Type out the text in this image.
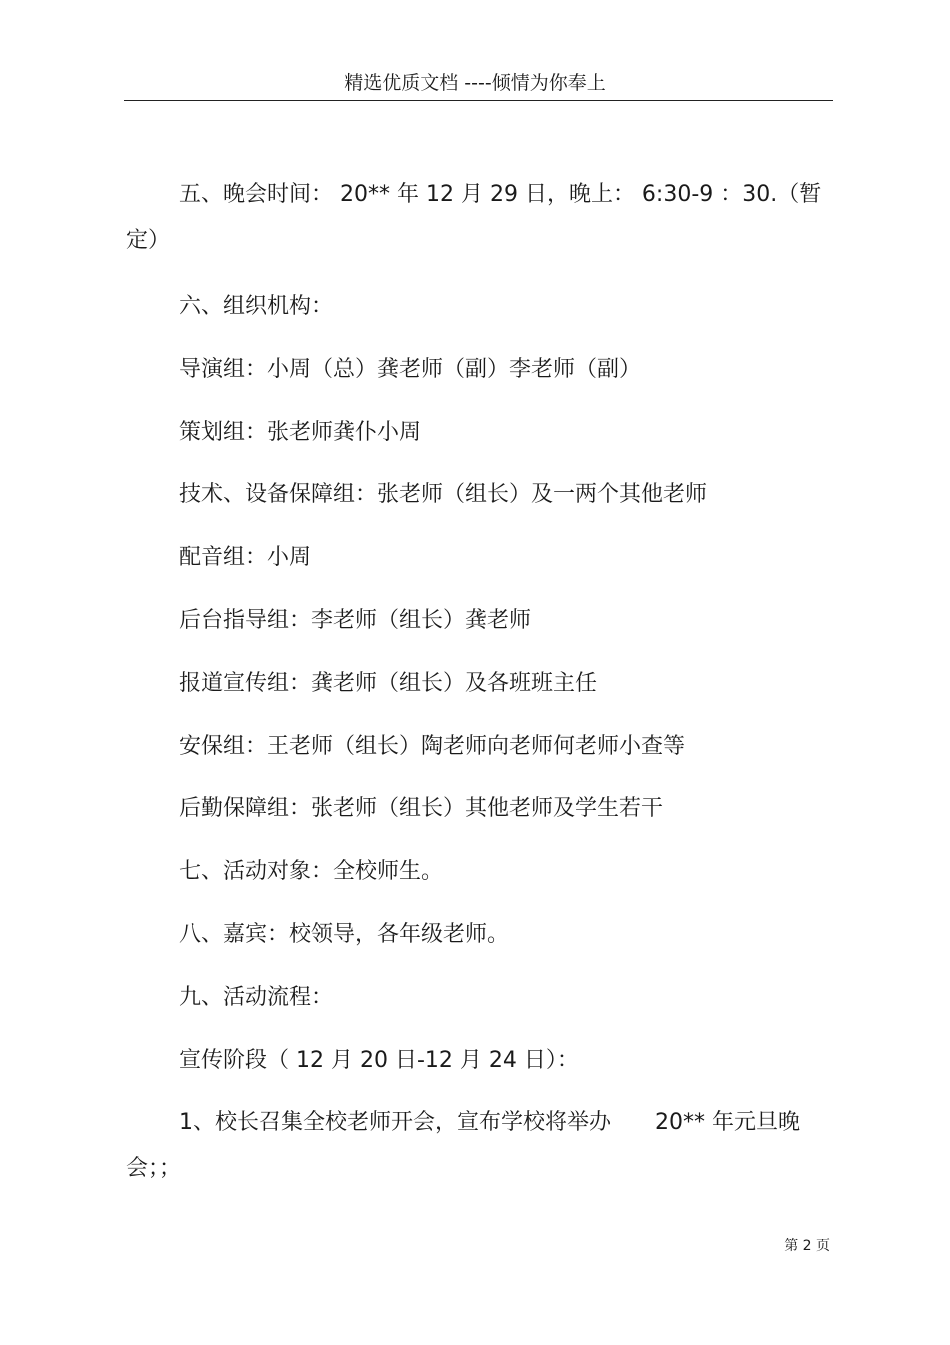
精选优质文档 ----倾情为你奉上

五、晚会时间： 20** 年 12 月 29 日，晚上： 6:30-9 ：30.（暂定）

六、组织机构：

导演组：小周（总）龚老师（副）李老师（副）

策划组：张老师龚仆小周

技术、设备保障组：张老师（组长）及一两个其他老师

配音组：小周

后台指导组：李老师（组长）龚老师

报道宣传组：龚老师（组长）及各班班主任

安保组：王老师（组长）陶老师向老师何老师小查等

后勤保障组：张老师（组长）其他老师及学生若干

七、活动对象：全校师生。

八、嘉宾：校领导，各年级老师。

九、活动流程：

宣传阶段（ 12 月 20 日-12 月 24 日）：

1、校长召集全校老师开会，宣布学校将举办　　20** 年元旦晚会；；

第 2 页
